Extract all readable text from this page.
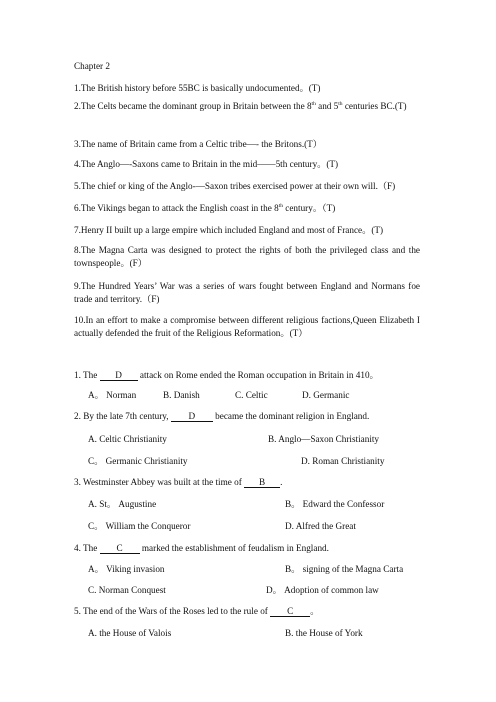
Chapter 2
1.The British history before 55BC is basically undocumented。(T)
2.The Celts became the dominant group in Britain between the 8th and 5th centuries BC.(T)
3.The name of Britain came from a Celtic tribe—- the Britons.(T）
4.The Anglo—-Saxons came to Britain in the mid——5th century。(T)
5.The chief or king of the Anglo-—Saxon tribes exercised power at their own will.（F)
6.The Vikings began to attack the English coast in the 8th century。（T)
7.Henry II built up a large empire which included England and most of France。(T)
8.The Magna Carta was designed to protect the rights of both the privileged class and the townspeople。(F）
9.The Hundred Years’ War was a series of wars fought between England and Normans foe trade and territory.（F)
10.In an effort to make a compromise between different religious factions,Queen Elizabeth I actually defended the fruit of the Religious Reformation。(T）
1. The D attack on Rome ended the Roman occupation in Britain in 410。
A。 Norman	B. Danish	C. Celtic	D. Germanic
2. By the late 7th century, D became the dominant religion in England.
A. Celtic Christianity	B. Anglo—Saxon Christianity
C。 Germanic Christianity	D. Roman Christianity
3. Westminster Abbey was built at the time of B .
A. St。 Augustine	B。 Edward the Confessor
C。 William the Conqueror	D. Alfred the Great
4. The C marked the establishment of feudalism in England.
A。 Viking invasion	B。 signing of the Magna Carta
C. Norman Conquest	D。 Adoption of common law
5. The end of the Wars of the Roses led to the rule of C 。
A. the House of Valois	B. the House of York
